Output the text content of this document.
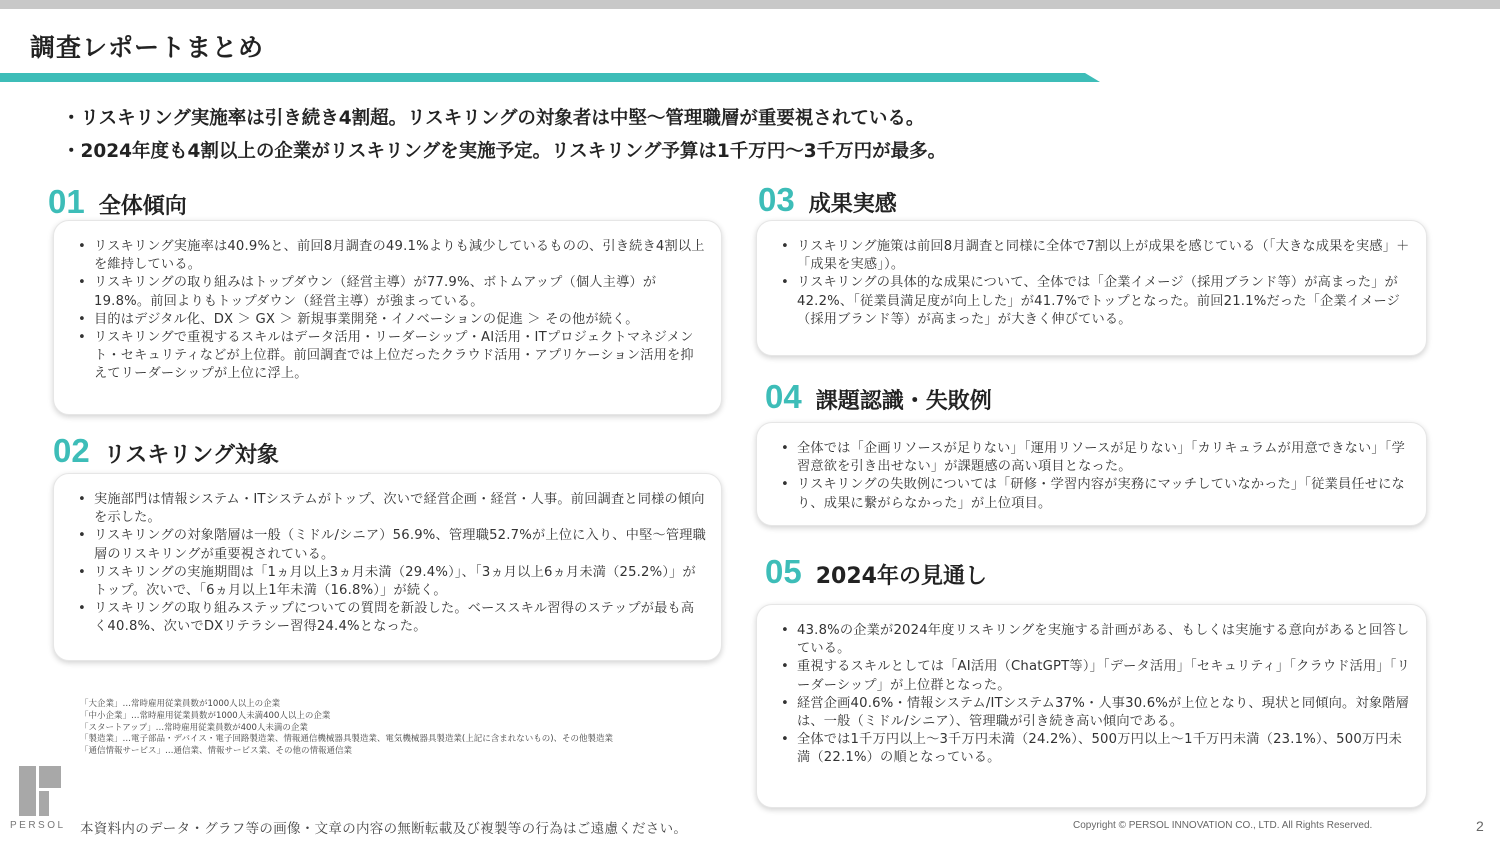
調査レポートまとめ

・リスキリング実施率は引き続き4割超。リスキリングの対象者は中堅～管理職層が重要視されている。

・2024年度も4割以上の企業がリスキリングを実施予定。リスキリング予算は1千万円～3千万円が最多。

01 全体傾向
• リスキリング実施率は40.9%と、前回8月調査の49.1%よりも減少しているものの、引き続き4割以上を維持している。
• リスキリングの取り組みはトップダウン（経営主導）が77.9%、ボトムアップ（個人主導）が19.8%。前回よりもトップダウン（経営主導）が強まっている。
• 目的はデジタル化、DX ＞ GX ＞ 新規事業開発・イノベーションの促進 ＞ その他が続く。
• リスキリングで重視するスキルはデータ活用・リーダーシップ・AI活用・ITプロジェクトマネジメント・セキュリティなどが上位群。前回調査では上位だったクラウド活用・アプリケーション活用を抑えてリーダーシップが上位に浮上。
02 リスキリング対象
• 実施部門は情報システム・ITシステムがトップ、次いで経営企画・経営・人事。前回調査と同様の傾向を示した。
• リスキリングの対象階層は一般（ミドル/シニア）56.9%、管理職52.7%が上位に入り、中堅～管理職層のリスキリングが重要視されている。
• リスキリングの実施期間は「1ヵ月以上3ヵ月未満（29.4%）」、「3ヵ月以上6ヵ月未満（25.2%）」がトップ。次いで、「6ヵ月以上1年未満（16.8%）」が続く。
• リスキリングの取り組みステップについての質問を新設した。ベーススキル習得のステップが最も高く40.8%、次いでDXリテラシー習得24.4%となった。
03 成果実感
• リスキリング施策は前回8月調査と同様に全体で7割以上が成果を感じている（「大きな成果を実感」＋「成果を実感」）。
• リスキリングの具体的な成果について、全体では「企業イメージ（採用ブランド等）が高まった」が42.2%、「従業員満足度が向上した」が41.7%でトップとなった。前回21.1%だった「企業イメージ（採用ブランド等）が高まった」が大きく伸びている。
04 課題認識・失敗例
• 全体では「企画リソースが足りない」「運用リソースが足りない」「カリキュラムが用意できない」「学習意欲を引き出せない」が課題感の高い項目となった。
• リスキリングの失敗例については「研修・学習内容が実務にマッチしていなかった」「従業員任せになり、成果に繋がらなかった」が上位項目。
05 2024年の見通し
• 43.8%の企業が2024年度リスキリングを実施する計画がある、もしくは実施する意向があると回答している。
• 重視するスキルとしては「AI活用（ChatGPT等）」「データ活用」「セキュリティ」「クラウド活用」「リーダーシップ」が上位群となった。
• 経営企画40.6%・情報システム/ITシステム37%・人事30.6%が上位となり、現状と同傾向。対象階層は、一般（ミドル/シニア）、管理職が引き続き高い傾向である。
• 全体では1千万円以上～3千万円未満（24.2%）、500万円以上～1千万円未満（23.1%）、500万円未満（22.1%）の順となっている。

「大企業」…常時雇用従業員数が1000人以上の企業

「中小企業」…常時雇用従業員数が1000人未満400人以上の企業

「スタートアップ」…常時雇用従業員数が400人未満の企業

「製造業」…電子部品・デバイス・電子回路製造業、情報通信機械器具製造業、電気機械器具製造業(上記に含まれないもの)、その他製造業

「通信情報サービス」…通信業、情報サービス業、その他の情報通信業

PERSOL 本資料内のデータ・グラフ等の画像・文章の内容の無断転載及び複製等の行為はご遠慮ください。	Copyright © PERSOL INNOVATION CO., LTD. All Rights Reserved.	2
